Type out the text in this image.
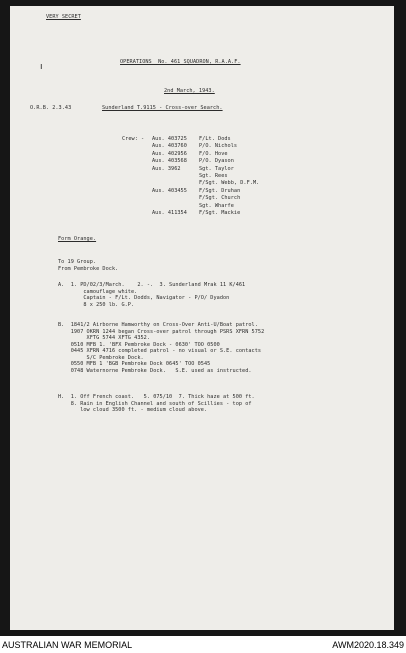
VERY SECRET
ı	OPERATIONS  No. 461 SQUADRON, R.A.A.F.
2nd March, 1943.
O.R.B. 2.3.43	Sunderland T.9115 - Cross-over Search.
Crew: - Aus. 403725 F/Lt. Dods
Aus. 403760 P/O. Nichols
Aus. 402956 F/O. Hove
Aus. 403568 P/O. Dyason
Aus. 3962	Sgt. Taylor
Sgt. Rees
F/Sgt. Webb, D.F.M.
Aus. 403455 F/Sgt. Druhan
F/Sgt. Church
Sgt. Wharfe
Aus. 411354 F/Sgt. Mackie
Form Orange.
To 19 Group.
From Pembroke Dock.
A.  1. PD/02/3/March.    2. -.  3. Sunderland Mrak 11 K/461
camouflage white.
Captain - F/Lt. Dodds, Navigator - P/O/ Dyadon
8 x 250 lb. G.P.
B.  1841/2 Airborne Hamworthy on Cross-Over Anti-U/Boat patrol.
1907 OKRN 1244 began Cross-over patrol through PSRS XFRN 5752
XFTG 5744 XFTG 4352.
0510 MFB 1. 'BFX Pembroke Dock - 0630' TOO 0500
0445 XFRN 4716 completed patrol - no visual or S.E. contacts
S/C Pembroke Dock.
0550 MFB 1 'BGB Pembroke Dock 0645' TOO 0545
0748 Waternorne Pembroke Dock.   S.E. used as instructed.
H.  1. Off French coast.   5. 075/10  7. Thick haze at 500 ft.
8. Rain in English Channel and south of Scillies - top of
low cloud 3500 ft. - medium cloud above.
AUSTRALIAN WAR MEMORIAL	AWM2020.18.349
